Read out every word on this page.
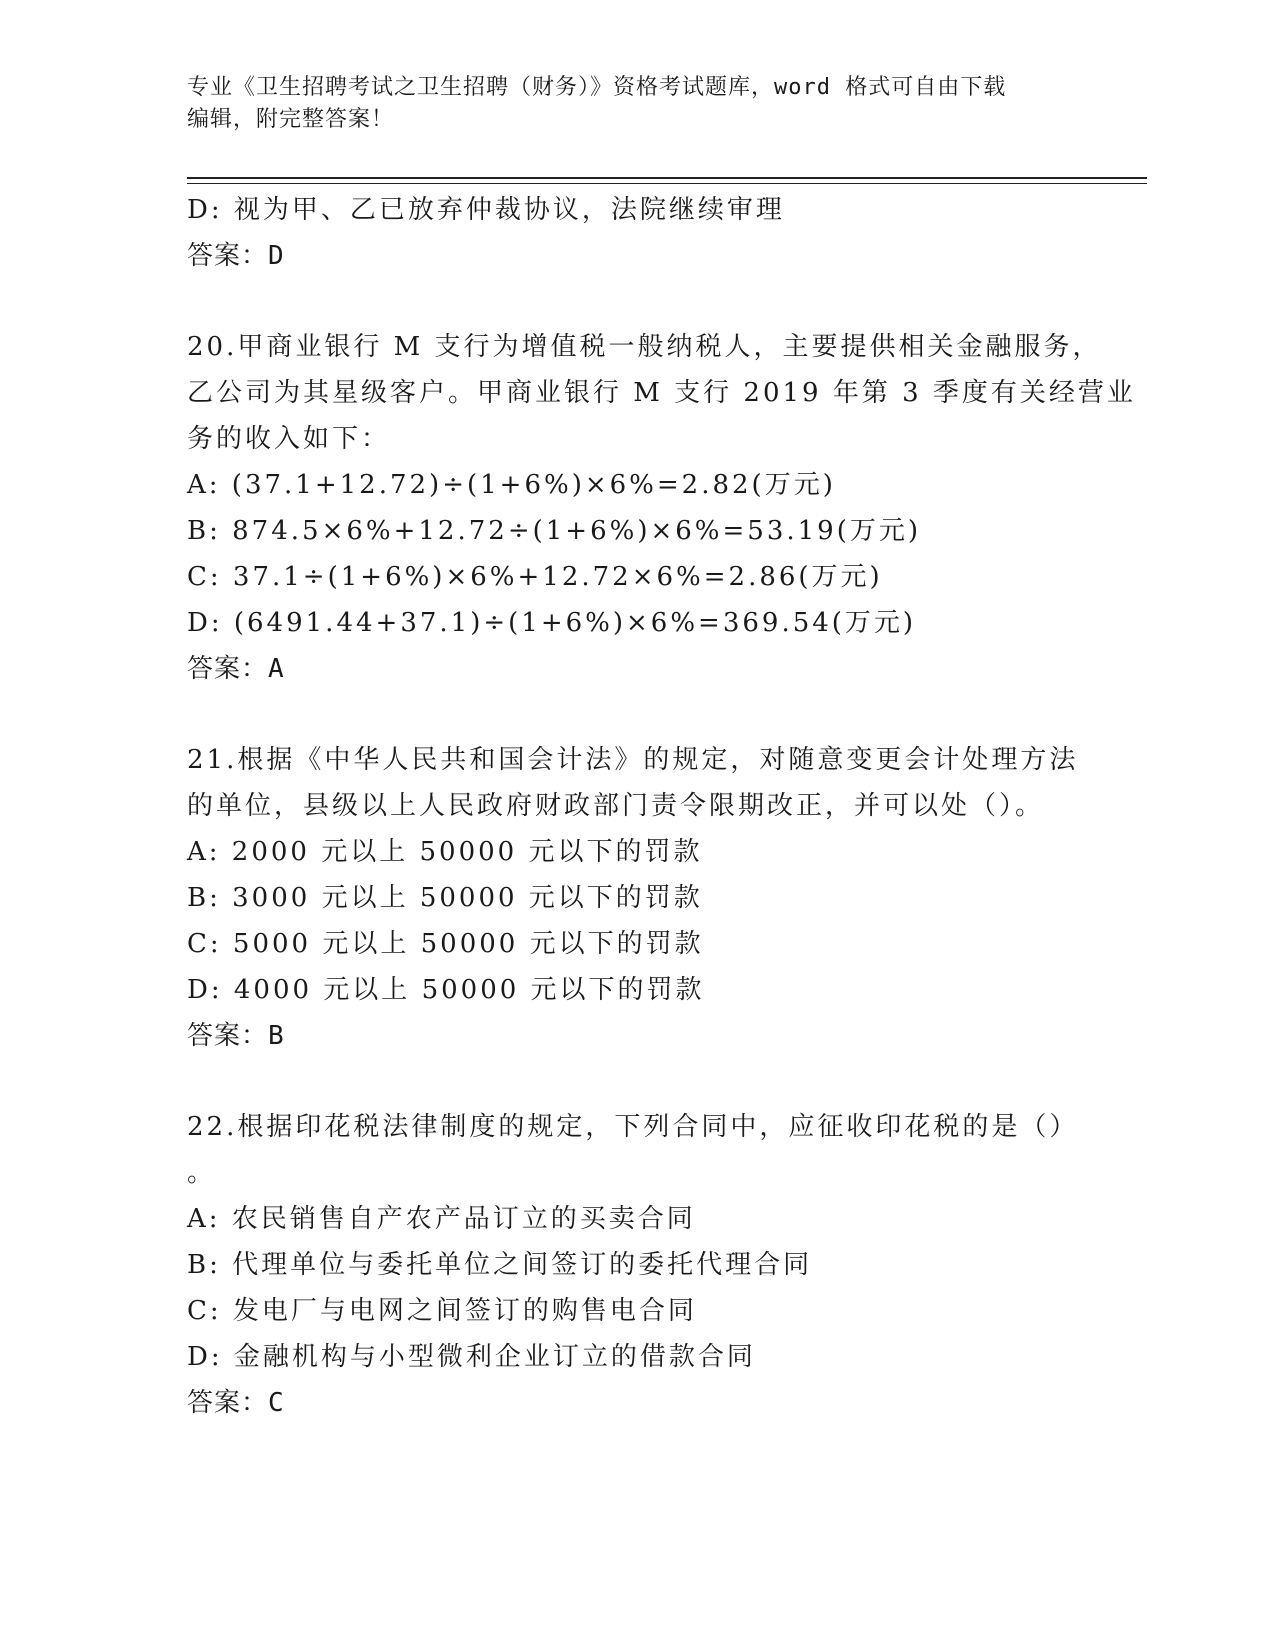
专业《卫生招聘考试之卫生招聘（财务）》资格考试题库，word 格式可自由下载
编辑，附完整答案！
D: 视为甲、乙已放弃仲裁协议，法院继续审理
答案：D
20.甲商业银行 M 支行为增值税一般纳税人，主要提供相关金融服务，
乙公司为其星级客户。甲商业银行 M 支行 2019 年第 3 季度有关经营业
务的收入如下：
A: (37.1+12.72)÷(1+6%)×6%=2.82(万元)
B: 874.5×6%+12.72÷(1+6%)×6%=53.19(万元)
C: 37.1÷(1+6%)×6%+12.72×6%=2.86(万元)
D: (6491.44+37.1)÷(1+6%)×6%=369.54(万元)
答案：A
21.根据《中华人民共和国会计法》的规定，对随意变更会计处理方法
的单位，县级以上人民政府财政部门责令限期改正，并可以处（）。
A: 2000 元以上 50000 元以下的罚款
B: 3000 元以上 50000 元以下的罚款
C: 5000 元以上 50000 元以下的罚款
D: 4000 元以上 50000 元以下的罚款
答案：B
22.根据印花税法律制度的规定，下列合同中，应征收印花税的是（）
。
A: 农民销售自产农产品订立的买卖合同
B: 代理单位与委托单位之间签订的委托代理合同
C: 发电厂与电网之间签订的购售电合同
D: 金融机构与小型微利企业订立的借款合同
答案：C
